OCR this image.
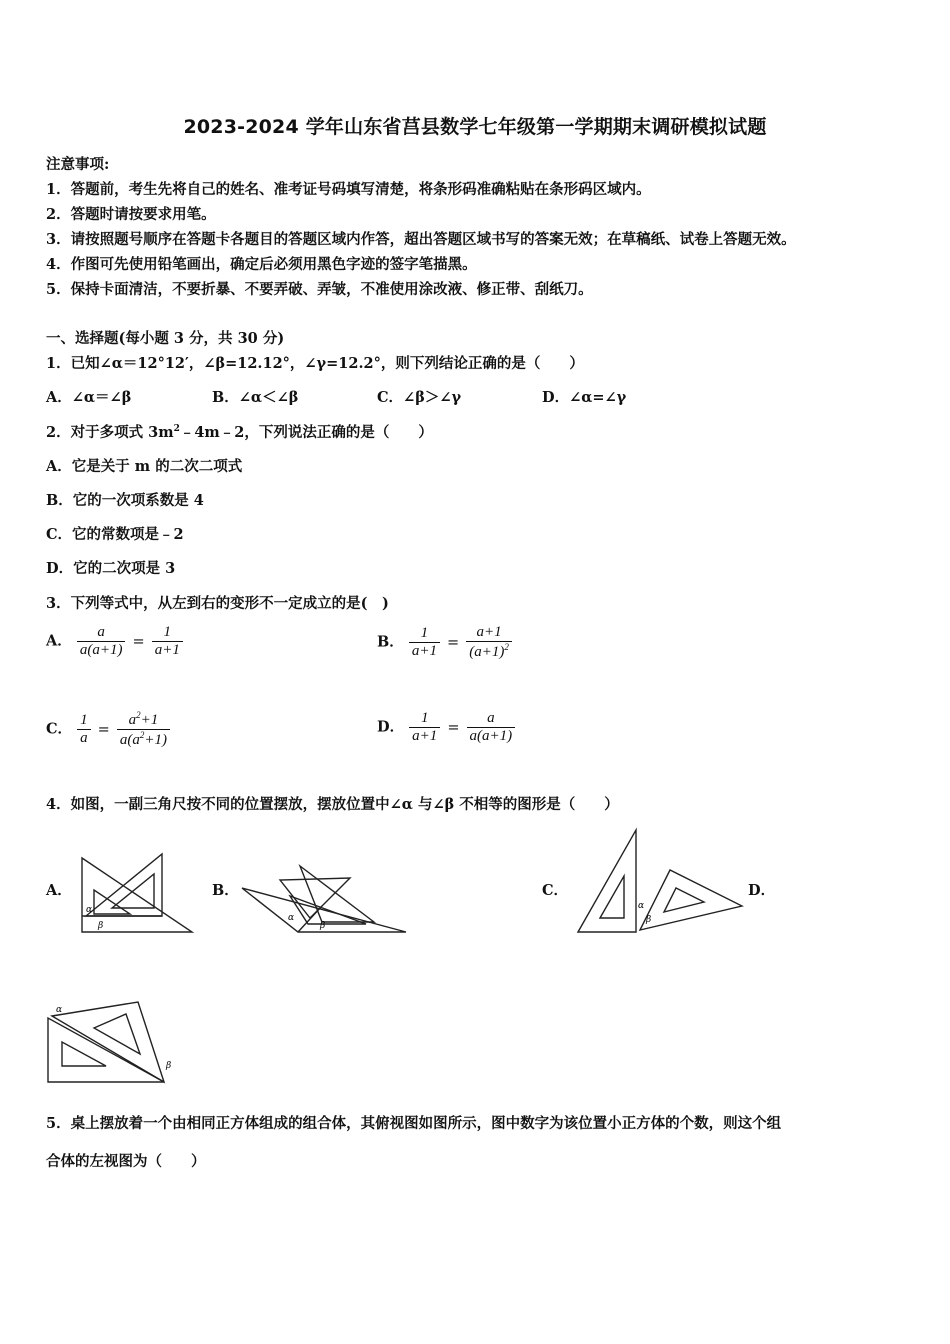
2023-2024 学年山东省莒县数学七年级第一学期期末调研模拟试题
注意事项:
1．答题前，考生先将自己的姓名、准考证号码填写清楚，将条形码准确粘贴在条形码区域内。
2．答题时请按要求用笔。
3．请按照题号顺序在答题卡各题目的答题区域内作答，超出答题区域书写的答案无效；在草稿纸、试卷上答题无效。
4．作图可先使用铅笔画出，确定后必须用黑色字迹的签字笔描黑。
5．保持卡面清洁，不要折暴、不要弄破、弄皱，不准使用涂改液、修正带、刮纸刀。
一、选择题(每小题 3 分，共 30 分)
1．已知∠α＝12°12′，∠β=12.12°，∠γ=12.2°，则下列结论正确的是（　　）
A．∠α＝∠β	B．∠α＜∠β	C．∠β＞∠γ	D．∠α=∠γ
2．对于多项式 $3m^2﹣4m﹣2$，下列说法正确的是（　　）
A．它是关于 m 的二次二项式
B．它的一次项系数是 4
C．它的常数项是﹣2
D．它的二次项是 3
3．下列等式中，从左到右的变形不一定成立的是(　)
A． $\frac{a}{a(a+1)} = \frac{1}{a+1}$	B． $\frac{1}{a+1} = \frac{a+1}{(a+1)^2}$
C． $\frac{1}{a} = \frac{a^2+1}{a(a^2+1)}$	D． $\frac{1}{a+1} = \frac{a}{a(a+1)}$
4．如图，一副三角尺按不同的位置摆放，摆放位置中∠α 与∠β 不相等的图形是（　　）
A．
α
β
B．
α
β
C．
α
β
D．
α
β
5．桌上摆放着一个由相同正方体组成的组合体，其俯视图如图所示，图中数字为该位置小正方体的个数，则这个组
合体的左视图为（　　）
